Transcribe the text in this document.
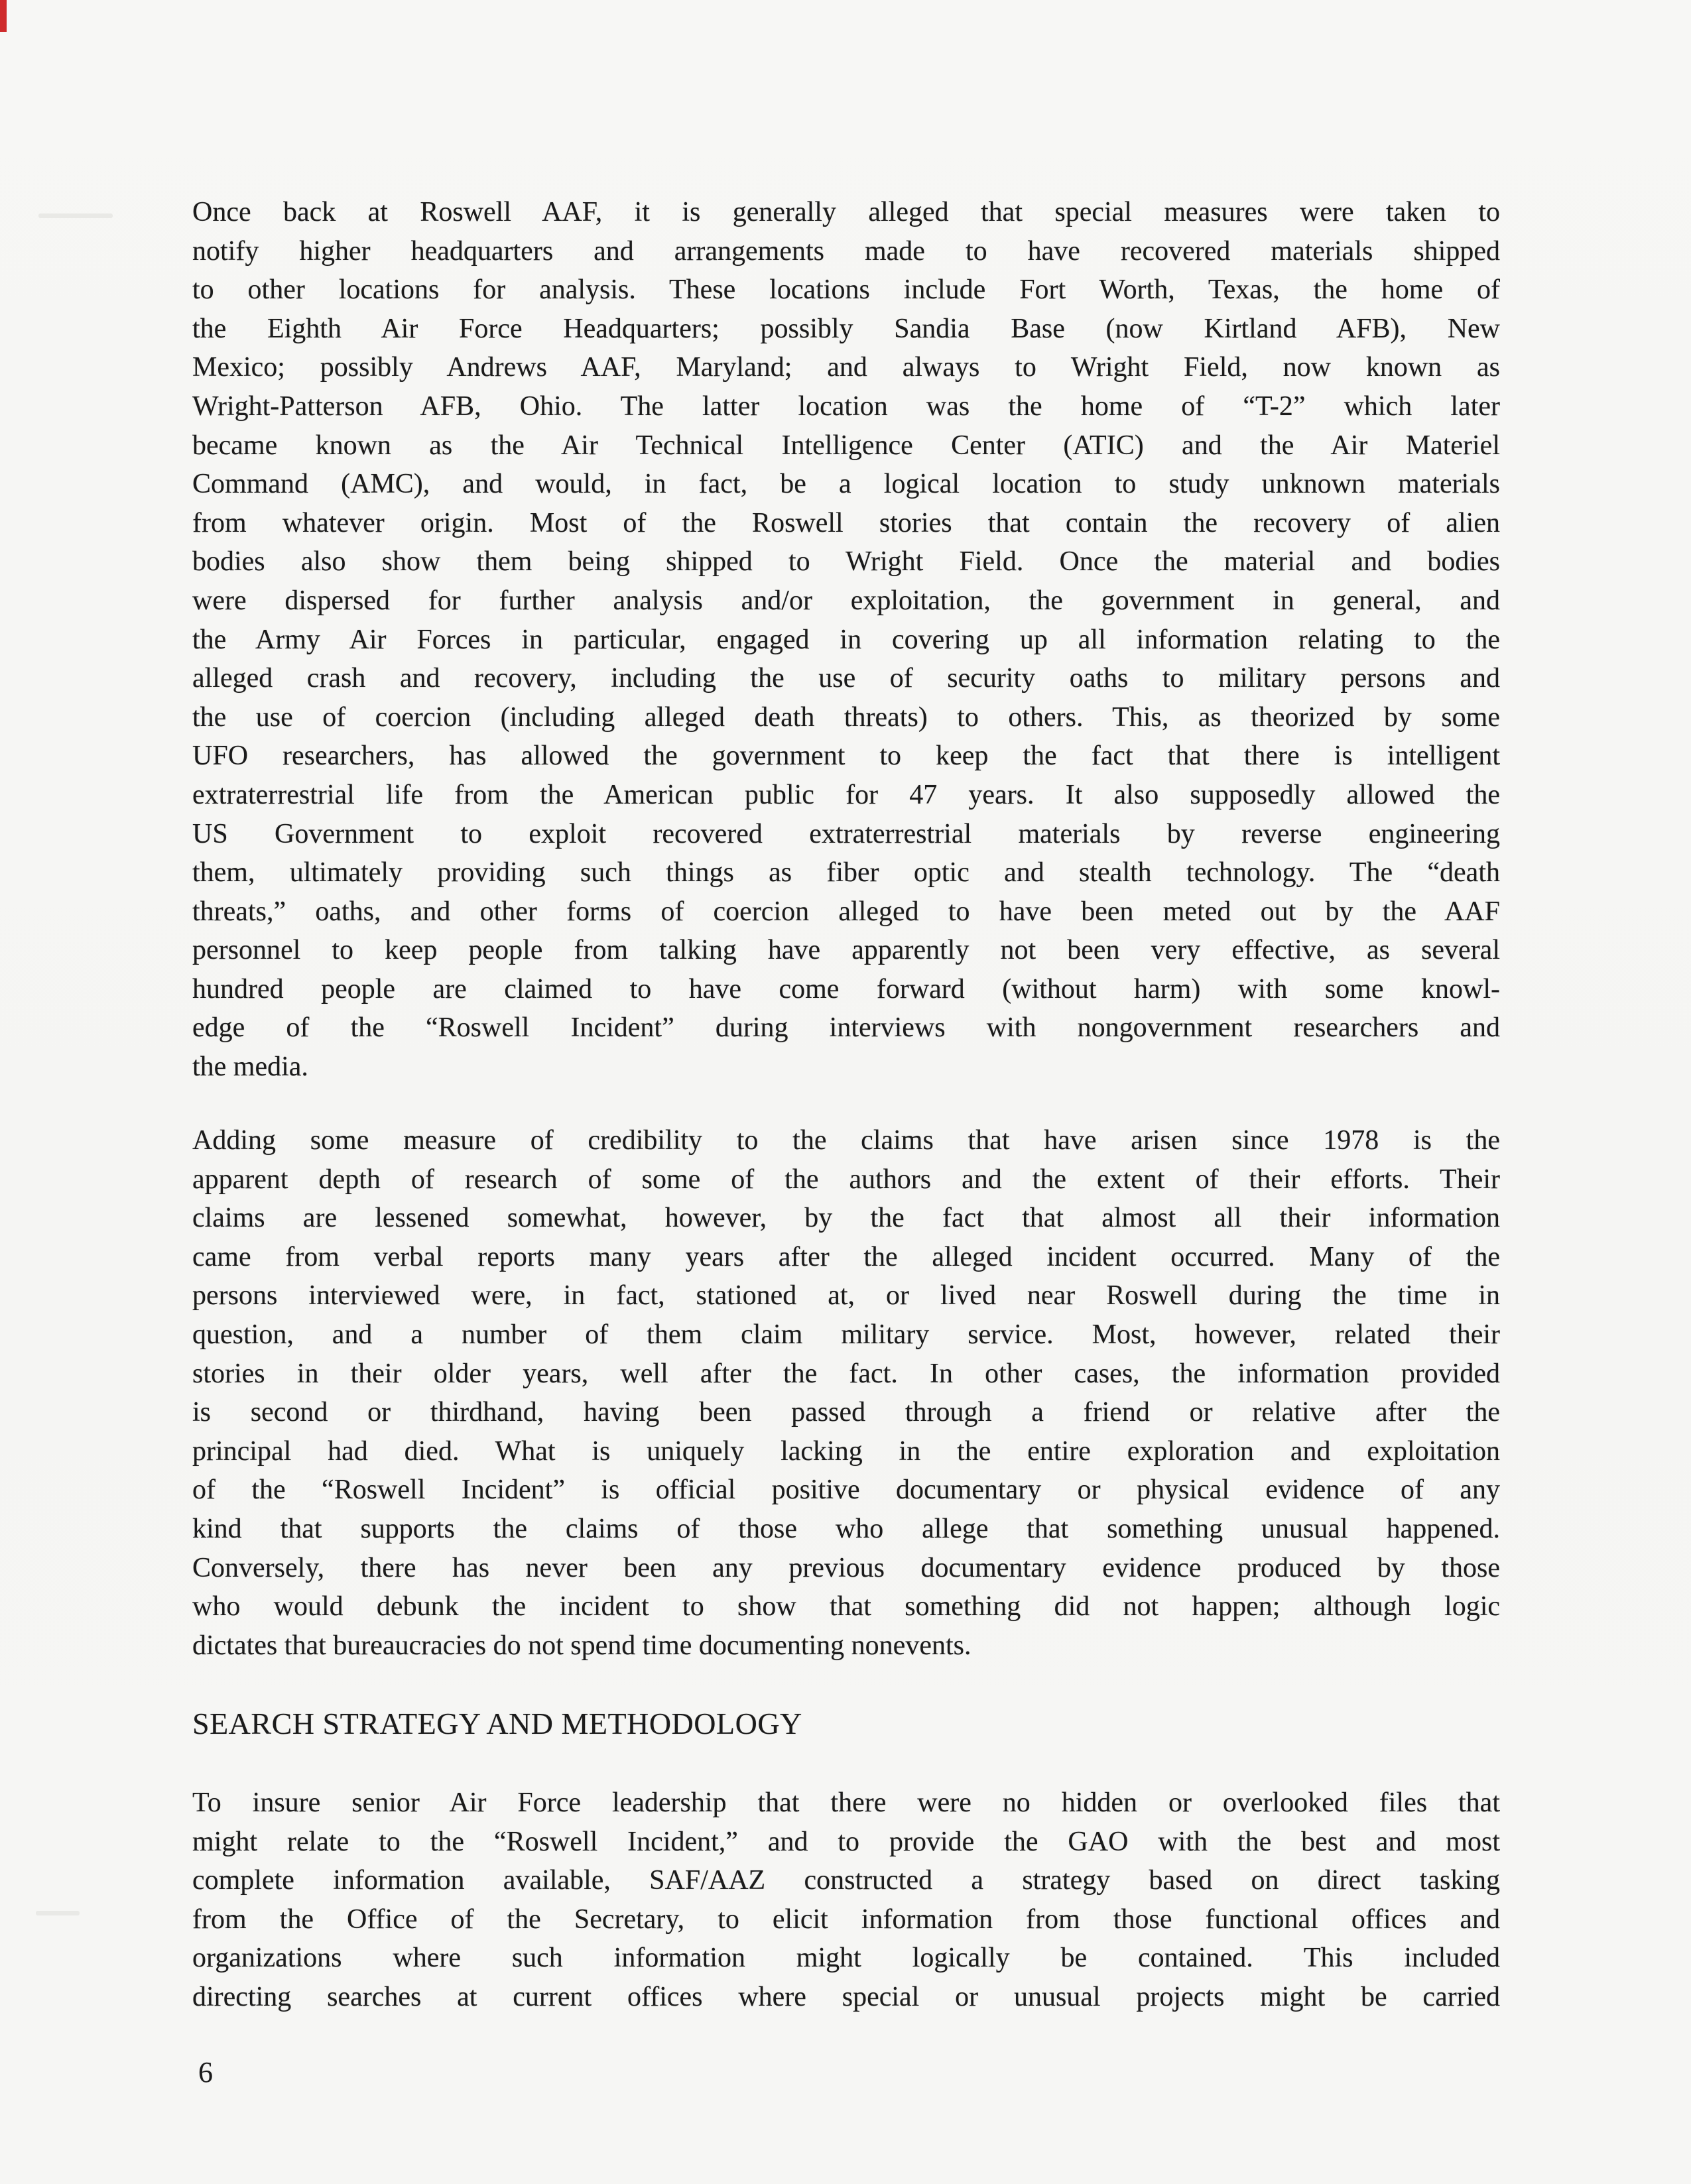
Once back at Roswell AAF, it is generally alleged that special measures were taken to
notify higher headquarters and arrangements made to have recovered materials shipped
to other locations for analysis. These locations include Fort Worth, Texas, the home of
the Eighth Air Force Headquarters; possibly Sandia Base (now Kirtland AFB), New
Mexico; possibly Andrews AAF, Maryland; and always to Wright Field, now known as
Wright-Patterson AFB, Ohio. The latter location was the home of “T-2” which later
became known as the Air Technical Intelligence Center (ATIC) and the Air Materiel
Command (AMC), and would, in fact, be a logical location to study unknown materials
from whatever origin. Most of the Roswell stories that contain the recovery of alien
bodies also show them being shipped to Wright Field. Once the material and bodies
were dispersed for further analysis and/or exploitation, the government in general, and
the Army Air Forces in particular, engaged in covering up all information relating to the
alleged crash and recovery, including the use of security oaths to military persons and
the use of coercion (including alleged death threats) to others. This, as theorized by some
UFO researchers, has allowed the government to keep the fact that there is intelligent
extraterrestrial life from the American public for 47 years. It also supposedly allowed the
US Government to exploit recovered extraterrestrial materials by reverse engineering
them, ultimately providing such things as fiber optic and stealth technology. The “death
threats,” oaths, and other forms of coercion alleged to have been meted out by the AAF
personnel to keep people from talking have apparently not been very effective, as several
hundred people are claimed to have come forward (without harm) with some knowl-
edge of the “Roswell Incident” during interviews with nongovernment researchers and
the media.
Adding some measure of credibility to the claims that have arisen since 1978 is the
apparent depth of research of some of the authors and the extent of their efforts. Their
claims are lessened somewhat, however, by the fact that almost all their information
came from verbal reports many years after the alleged incident occurred. Many of the
persons interviewed were, in fact, stationed at, or lived near Roswell during the time in
question, and a number of them claim military service. Most, however, related their
stories in their older years, well after the fact. In other cases, the information provided
is second or thirdhand, having been passed through a friend or relative after the
principal had died. What is uniquely lacking in the entire exploration and exploitation
of the “Roswell Incident” is official positive documentary or physical evidence of any
kind that supports the claims of those who allege that something unusual happened.
Conversely, there has never been any previous documentary evidence produced by those
who would debunk the incident to show that something did not happen; although logic
dictates that bureaucracies do not spend time documenting nonevents.
SEARCH STRATEGY AND METHODOLOGY
To insure senior Air Force leadership that there were no hidden or overlooked files that
might relate to the “Roswell Incident,” and to provide the GAO with the best and most
complete information available, SAF/AAZ constructed a strategy based on direct tasking
from the Office of the Secretary, to elicit information from those functional offices and
organizations where such information might logically be contained. This included
directing searches at current offices where special or unusual projects might be carried
6
